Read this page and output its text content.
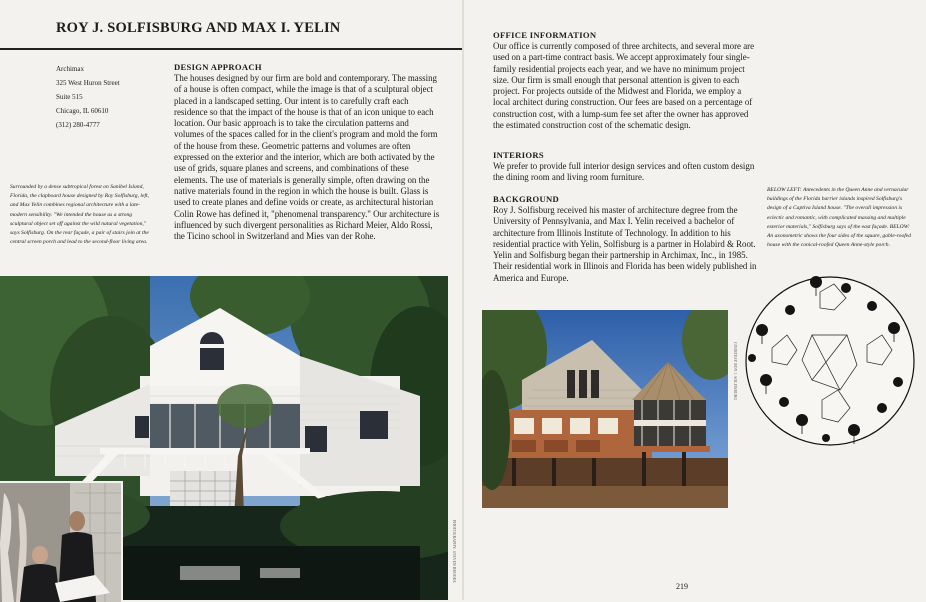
ROY J. SOLFISBURG AND MAX I. YELIN
Archimax
325 West Huron Street
Suite 515
Chicago, IL 60610
(312) 280-4777
Surrounded by a dense subtropical forest on Sanibel Island, Florida, the clapboard house designed by Roy Solfisburg, left, and Max Yelin combines regional architecture with a late-modern sensibility. "We intended the house as a strong sculptural object set off against the wild natural vegetation," says Solfisburg. On the rear façade, a pair of stairs join at the central screen porch and lead to the second-floor living area.
DESIGN APPROACH

The houses designed by our firm are bold and contemporary. The massing of a house is often compact, while the image is that of a sculptural object placed in a landscaped setting. Our intent is to carefully craft each residence so that the impact of the house is that of an icon unique to each location. Our basic approach is to take the circulation patterns and volumes of the spaces called for in the client's program and mold the form of the house from these. Geometric patterns and volumes are often expressed on the exterior and the interior, which are both activated by the use of grids, square planes and screens, and combinations of these elements. The use of materials is generally simple, often drawing on the native materials found in the region in which the house is built. Glass is used to create planes and define voids or create, as architectural historian Colin Rowe has defined it, "phenomenal transparency." Our architecture is influenced by such divergent personalities as Richard Meier, Aldo Rossi, the Ticino school in Switzerland and Mies van der Rohe.

OFFICE INFORMATION

Our office is currently composed of three architects, and several more are used on a part-time contract basis. We accept approximately four single-family residential projects each year, and we have no minimum project size. Our firm is small enough that personal attention is given to each project. For projects outside of the Midwest and Florida, we employ a local architect during construction. Our fees are based on a percentage of construction cost, with a lump-sum fee set after the owner has approved the estimated construction cost of the schematic design.

INTERIORS

We prefer to provide full interior design services and often custom design the dining room and living room furniture.

BACKGROUND

Roy J. Solfisburg received his master of architecture degree from the University of Pennsylvania, and Max I. Yelin received a bachelor of architecture from Illinois Institute of Technology. In addition to his residential practice with Yelin, Solfisburg is a partner in Holabird & Root. Yelin and Solfisburg began their partnership in Archimax, Inc., in 1985. Their residential work in Illinois and Florida has been widely published in America and Europe.

BELOW LEFT: Antecedents in the Queen Anne and vernacular buildings of the Florida barrier islands inspired Solfisburg's design of a Captiva Island house. "The overall impression is eclectic and romantic, with complicated massing and multiple exterior materials," Solfisburg says of the east façade. BELOW: An axonometric shows the four sides of the square, gable-roofed house with the conical-roofed Queen Anne-style porch.
PHOTOGRAPHY: STEVEN BROOKE
COURTESY ROY J. SOLFISBURG
219
